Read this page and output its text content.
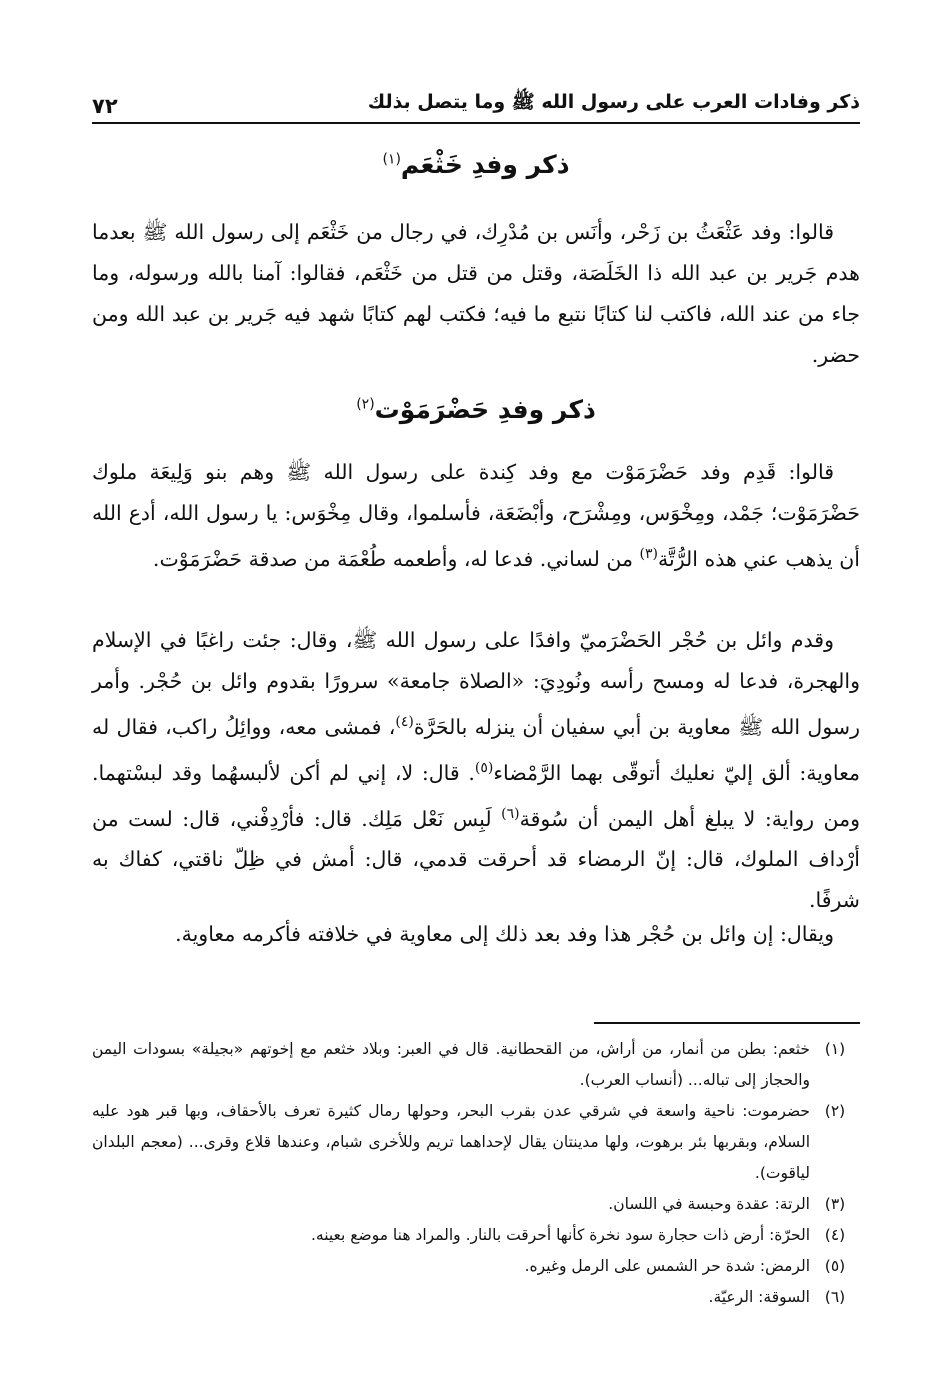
ذكر وفادات العرب على رسول الله ﷺ وما يتصل بذلك
٧٢
ذكر وفدِ خَثْعَم$^{(١)}$

قالوا: وفد عَثْعَثُ بن زَحْر، وأنَس بن مُدْرِك، في رجال من خَثْعَم إلى رسول الله ﷺ بعدما هدم جَرير بن عبد الله ذا الخَلَصَة، وقتل من قتل من خَثْعَم، فقالوا: آمنا بالله ورسوله، وما جاء من عند الله، فاكتب لنا كتابًا نتبع ما فيه؛ فكتب لهم كتابًا شهد فيه جَرير بن عبد الله ومن حضر.

ذكر وفدِ حَضْرَمَوْت$^{(٢)}$

قالوا: قَدِم وفد حَضْرَمَوْت مع وفد كِندة على رسول الله ﷺ وهم بنو وَلِيعَة ملوك حَضْرَمَوْت؛ جَمْد، ومِخْوَس، ومِشْرَح، وأبْضَعَة، فأسلموا، وقال مِخْوَس: يا رسول الله، أدع الله أن يذهب عني هذه الرُّتَّة$^{(٣)}$ من لساني. فدعا له، وأطعمه طُعْمَة من صدقة حَضْرَمَوْت.

وقدم وائل بن حُجْر الحَضْرَميّ وافدًا على رسول الله ﷺ، وقال: جئت راغبًا في الإسلام والهجرة، فدعا له ومسح رأسه ونُودِيَ: «الصلاة جامعة» سرورًا بقدوم وائل بن حُجْر. وأمر رسول الله ﷺ معاوية بن أبي سفيان أن ينزله بالحَرَّة$^{(٤)}$، فمشى معه، ووائِلُ راكب، فقال له معاوية: ألق إليّ نعليك أتوقّى بهما الرَّمْضاء$^{(٥)}$. قال: لا، إني لم أكن لألبسهُما وقد لبسْتهما. ومن رواية: لا يبلغ أهل اليمن أن سُوقة$^{(٦)}$ لَبِس نَعْل مَلِك. قال: فأرْدِفْني، قال: لست من أرْداف الملوك، قال: إنّ الرمضاء قد أحرقت قدمي، قال: أمش في ظِلّ ناقتي، كفاك به شرفًا.

ويقال: إن وائل بن حُجْر هذا وفد بعد ذلك إلى معاوية في خلافته فأكرمه معاوية.

(١)
خثعم: بطن من أنمار، من أراش، من القحطانية. قال في العبر: وبلاد خثعم مع إخوتهم «بجيلة» بسودات اليمن والحجاز إلى تباله... (أنساب العرب).
(٢)
حضرموت: ناحية واسعة في شرقي عدن بقرب البحر، وحولها رمال كثيرة تعرف بالأحقاف، وبها قبر هود عليه السلام، وبقربها بئر برهوت، ولها مدينتان يقال لإحداهما تريم وللأخرى شبام، وعندها قلاع وقرى... (معجم البلدان لياقوت).
(٣)
الرتة: عقدة وحبسة في اللسان.
(٤)
الحرّة: أرض ذات حجارة سود نخرة كأنها أحرقت بالنار. والمراد هنا موضع بعينه.
(٥)
الرمض: شدة حر الشمس على الرمل وغيره.
(٦)
السوقة: الرعيّة.
